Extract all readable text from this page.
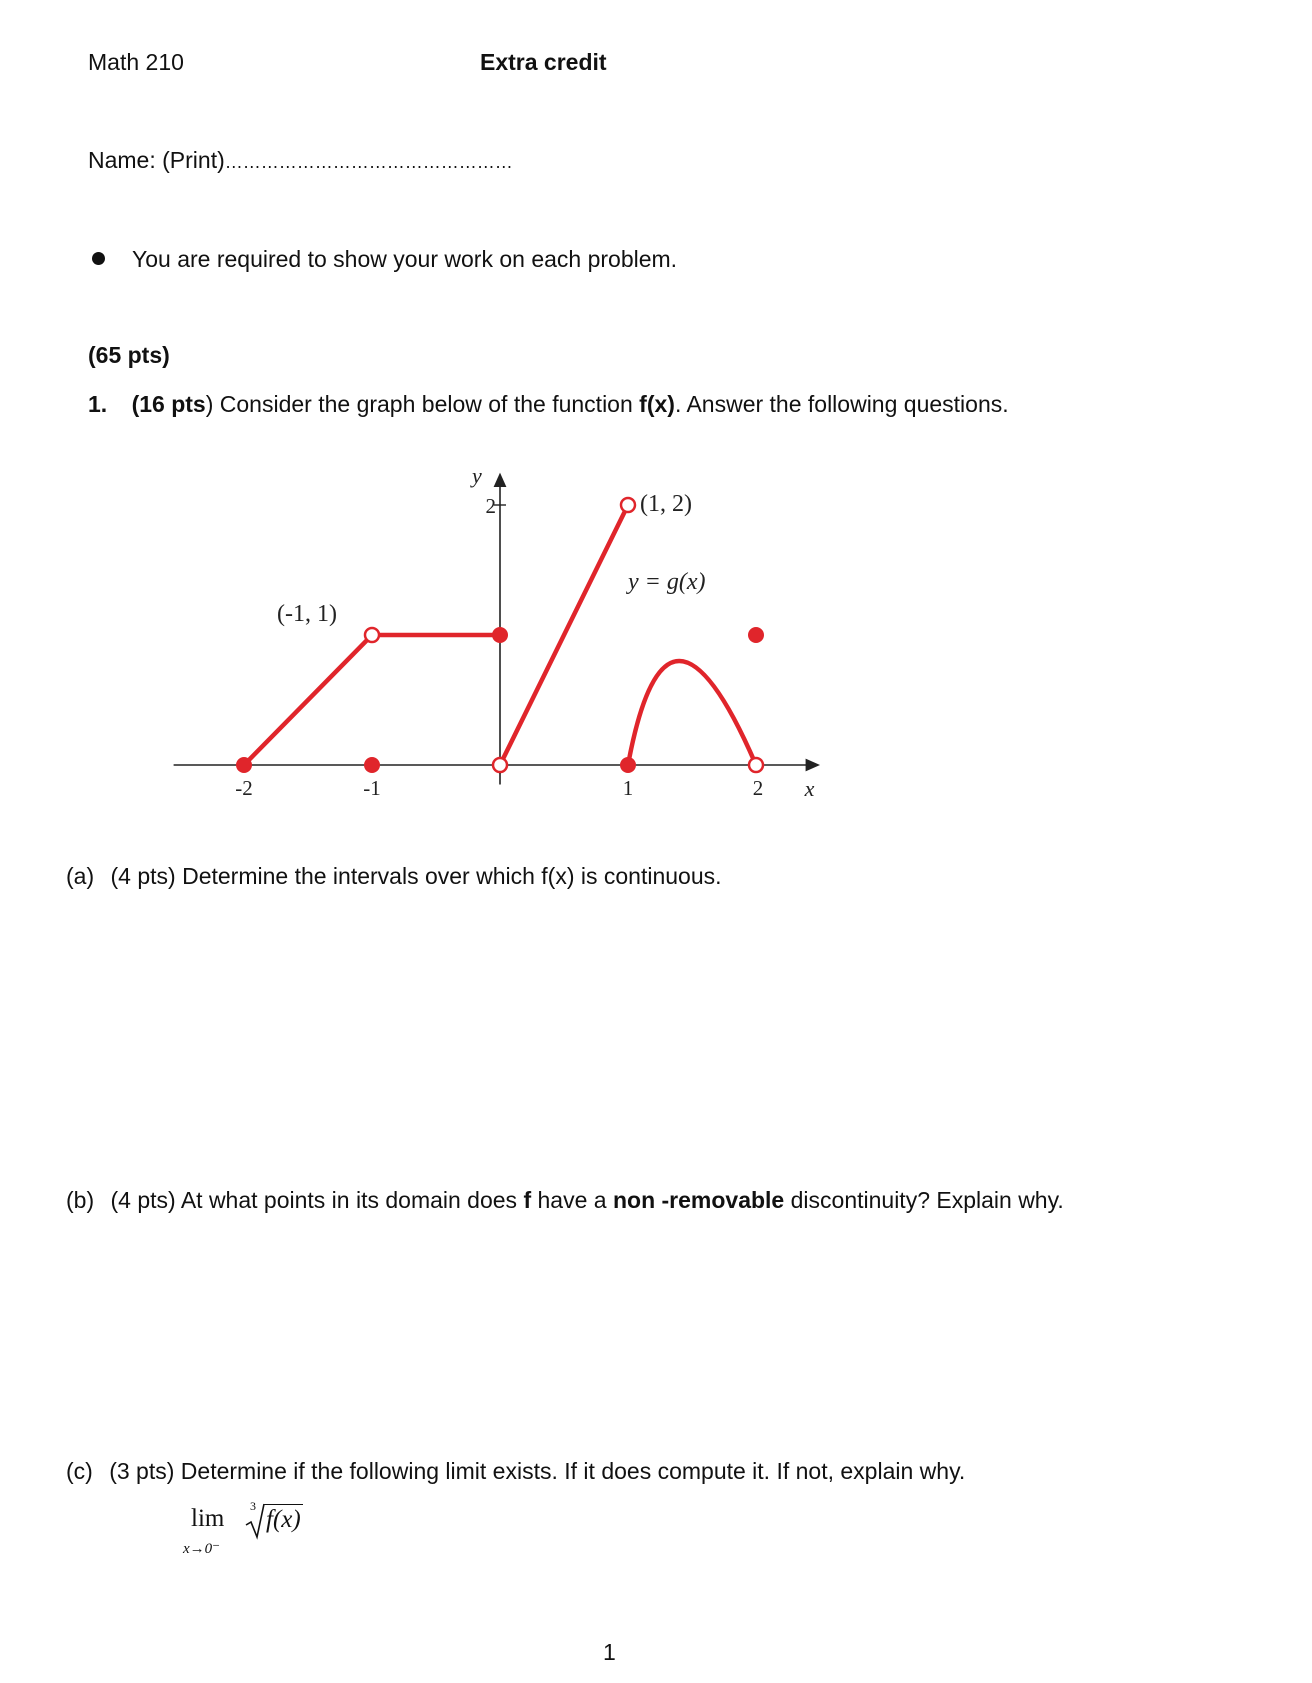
Math 210	Extra credit
Name: (Print)…………………………………………
You are required to show your work on each problem.
(65 pts)
1. (16 pts) Consider the graph below of the function f(x). Answer the following questions.
x
y
-2	-1	1	2
2
(-1, 1)
(1, 2)
y = g(x)
(a) (4 pts) Determine the intervals over which f(x) is continuous.
(b) (4 pts) At what points in its domain does f have a non -removable discontinuity? Explain why.
(c) (3 pts) Determine if the following limit exists. If it does compute it. If not, explain why.
lim
x→0⁻
3 f(x)
1
